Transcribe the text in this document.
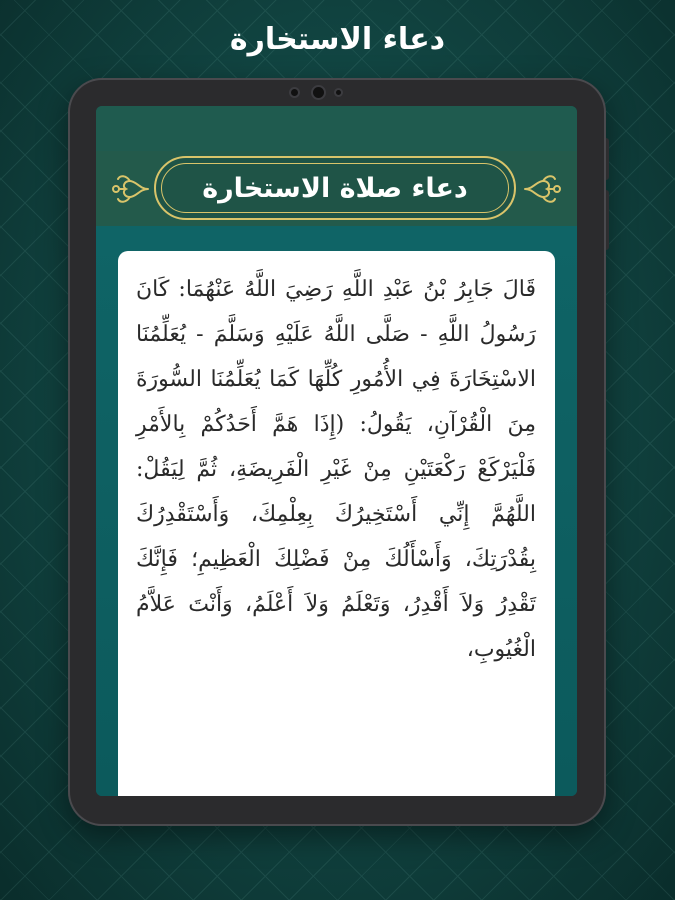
دعاء الاستخارة
دعاء صلاة الاستخارة
قَالَ جَابِرُ بْنُ عَبْدِ اللَّهِ رَضِيَ اللَّهُ عَنْهُمَا: كَانَ رَسُولُ اللَّهِ - صَلَّى اللَّهُ عَلَيْهِ وَسَلَّمَ - يُعَلِّمُنَا الاسْتِخَارَةَ فِي الأُمُورِ كُلِّهَا كَمَا يُعَلِّمُنَا السُّورَةَ مِنَ الْقُرْآنِ، يَقُولُ: (إِذَا هَمَّ أَحَدُكُمْ بِالأَمْرِ فَلْيَرْكَعْ رَكْعَتَيْنِ مِنْ غَيْرِ الْفَرِيضَةِ، ثُمَّ لِيَقُلْ: اللَّهُمَّ إِنِّي أَسْتَخِيرُكَ بِعِلْمِكَ، وَأَسْتَقْدِرُكَ بِقُدْرَتِكَ، وَأَسْأَلُكَ مِنْ فَضْلِكَ الْعَظِيمِ؛ فَإِنَّكَ تَقْدِرُ وَلاَ أَقْدِرُ، وَتَعْلَمُ وَلاَ أَعْلَمُ، وَأَنْتَ عَلاَّمُ الْغُيُوبِ،
